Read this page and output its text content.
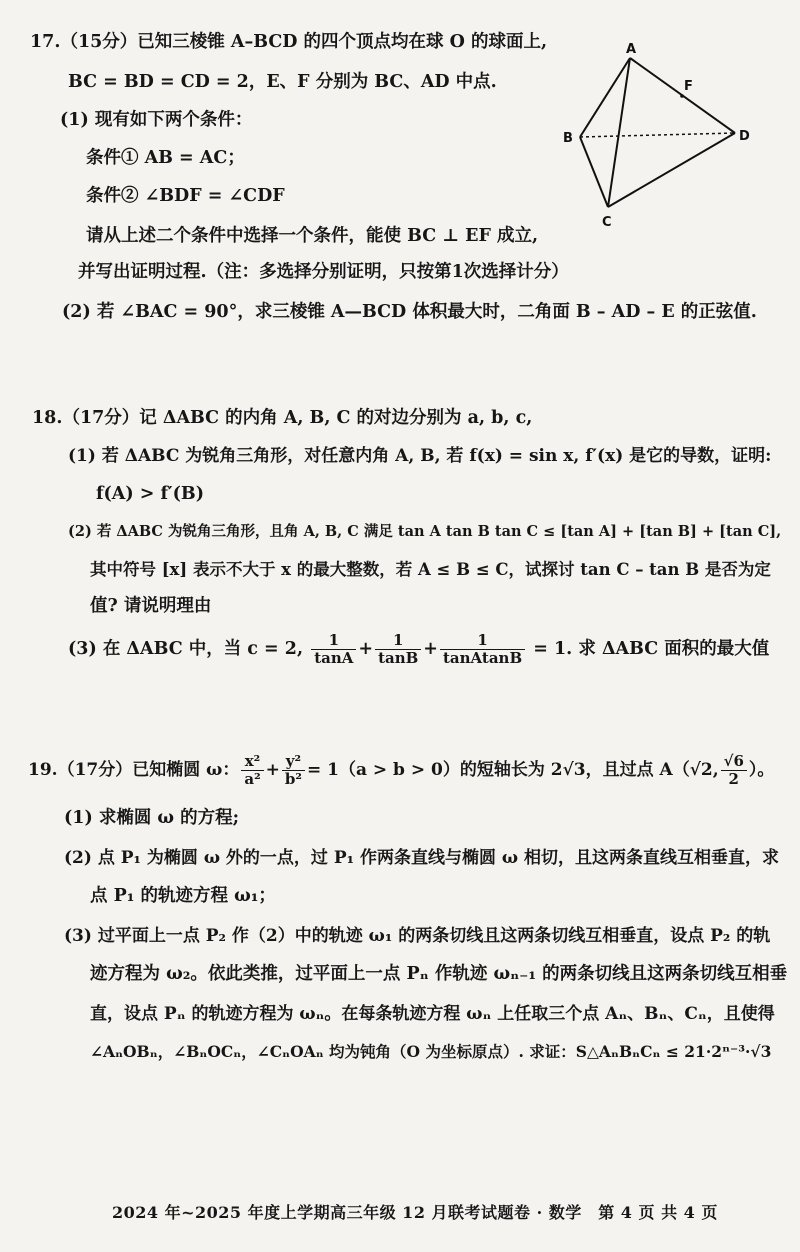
17.（15分）已知三棱锥 A–BCD 的四个顶点均在球 O 的球面上,
BC = BD = CD = 2，E、F 分别为 BC、AD 中点.
(1) 现有如下两个条件：
条件① AB = AC；
条件② ∠BDF = ∠CDF
请从上述二个条件中选择一个条件，能使 BC ⊥ EF 成立,
并写出证明过程.（注：多选择分别证明，只按第1次选择计分）
(2) 若 ∠BAC = 90°，求三棱锥 A—BCD 体积最大时，二角面 B – AD – E 的正弦值.
A
B
C
D
F
18.（17分）记 ΔABC 的内角 A, B, C 的对边分别为 a, b, c,
(1) 若 ΔABC 为锐角三角形，对任意内角 A, B, 若 f(x) = sin x, f′(x) 是它的导数，证明:
f(A) > f′(B)
(2) 若 ΔABC 为锐角三角形，且角 A, B, C 满足 tan A tan B tan C ≤ [tan A] + [tan B] + [tan C],
其中符号 [x] 表示不大于 x 的最大整数，若 A ≤ B ≤ C，试探讨 tan C – tan B 是否为定
值? 请说明理由
(3) 在 ΔABC 中，当 c = 2, $\frac{1}{\tan A} + \frac{1}{\tan B} + \frac{1}{\text{tanAtanB}} = 1$. 求 ΔABC 面积的最大值
19.（17分）已知椭圆 ω： $\frac{\text{x²}}{\text{a²}} + \frac{\text{y²}}{\text{b²}} = 1(a > b > 0)$的短轴长为 2√3，且过点 A（√2, $\frac{√6}{2}$ ）。
(1) 求椭圆 ω 的方程;
(2) 点 P₁ 为椭圆 ω 外的一点，过 P₁ 作两条直线与椭圆 ω 相切，且这两条直线互相垂直，求
点 P₁ 的轨迹方程 ω₁；
(3) 过平面上一点 P₂ 作（2）中的轨迹 ω₁ 的两条切线且这两条切线互相垂直，设点 P₂ 的轨
迹方程为 ω₂。依此类推，过平面上一点 Pₙ 作轨迹 ωₙ₋₁ 的两条切线且这两条切线互相垂
直，设点 Pₙ 的轨迹方程为 ωₙ。在每条轨迹方程 ωₙ 上任取三个点 Aₙ、Bₙ、Cₙ，且使得
∠AₙOBₙ，∠BₙOCₙ，∠CₙOAₙ 均为钝角（O 为坐标原点）. 求证：S△AₙBₙCₙ ≤ 21·2ⁿ⁻³·√3
2024 年~2025 年度上学期高三年级 12 月联考试题卷 · 数学　第 4 页 共 4 页
